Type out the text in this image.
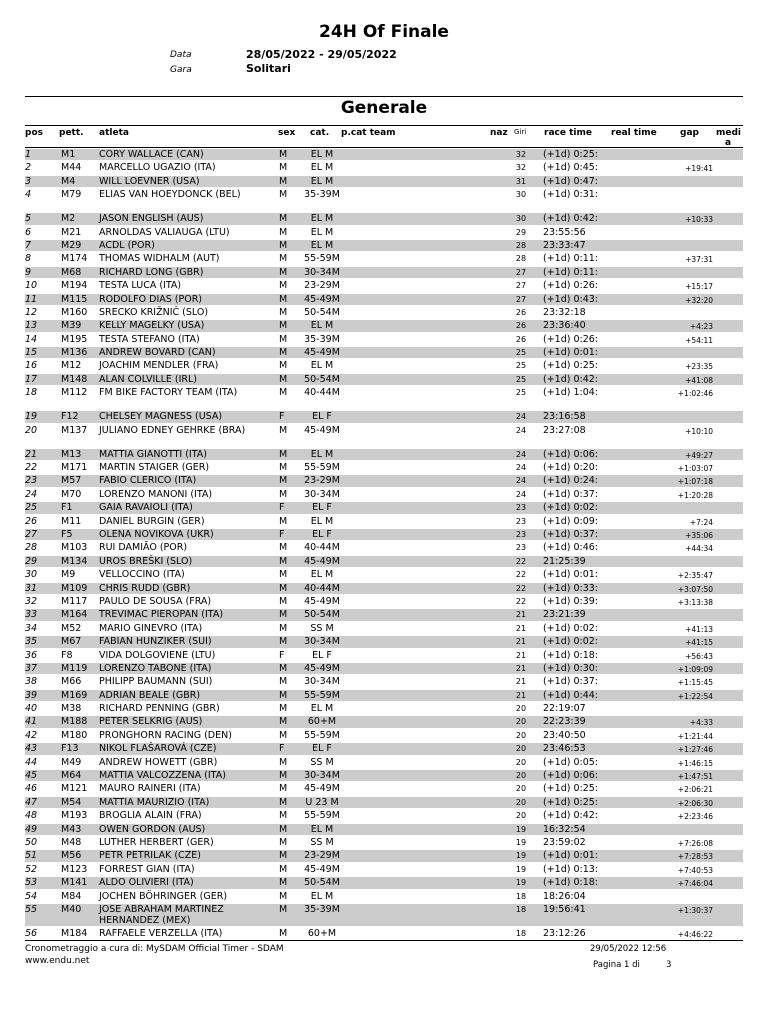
24H Of Finale
Data	28/05/2022 - 29/05/2022
Gara	Solitari
Generale
pos pett. atleta	sex cat. p.cat team	naz Giri race time real time	gap medi
a
1	M1	CORY WALLACE (CAN)	M	EL M	32	(+1d) 0:25:
2	M44 MARCELLO UGAZIO (ITA)	M	EL M	32	(+1d) 0:45:	+19:41
3	M4	WILL LOEVNER (USA)	M	EL M	31	(+1d) 0:47:
4	M79 ELIAS VAN HOEYDONCK (BEL)	M	35-39M	30	(+1d) 0:31:
5	M2	JASON ENGLISH (AUS)	M	EL M	30	(+1d) 0:42:	+10:33
6	M21 ARNOLDAS VALIAUGA (LTU)	M	EL M	29	23:55:56
7	M29 ACDL (POR)	M	EL M	28	23:33:47
8	M174 THOMAS WIDHALM (AUT)	M	55-59M	28	(+1d) 0:11:	+37:31
9	M68 RICHARD LONG (GBR)	M	30-34M	27	(+1d) 0:11:
10	M194 TESTA LUCA (ITA)	M	23-29M	27	(+1d) 0:26:	+15:17
11	M115 RODOLFO DIAS (POR)	M	45-49M	27	(+1d) 0:43:	+32:20
12	M160 SRECKO KRIŽNIČ (SLO)	M	50-54M	26	23:32:18
13	M39 KELLY MAGELKY (USA)	M	EL M	26	23:36:40	+4:23
14	M195 TESTA STEFANO (ITA)	M	35-39M	26	(+1d) 0:26:	+54:11
15	M136 ANDREW BOVARD (CAN)	M	45-49M	25	(+1d) 0:01:
16	M12 JOACHIM MENDLER (FRA)	M	EL M	25	(+1d) 0:25:	+23:35
17	M148 ALAN COLVILLE (IRL)	M	50-54M	25	(+1d) 0:42:	+41:08
18	M112 FM BIKE FACTORY TEAM (ITA)	M	40-44M	25	(+1d) 1:04:	+1:02:46
19	F12 CHELSEY MAGNESS (USA)	F	EL F	24	23:16:58
20	M137 JULIANO EDNEY GEHRKE (BRA)	M	45-49M	24	23:27:08	+10:10
21	M13 MATTIA GIANOTTI (ITA)	M	EL M	24	(+1d) 0:06:	+49:27
22	M171 MARTIN STAIGER (GER)	M	55-59M	24	(+1d) 0:20:	+1:03:07
23	M57 FABIO CLERICO (ITA)	M	23-29M	24	(+1d) 0:24:	+1:07:18
24	M70 LORENZO MANONI (ITA)	M	30-34M	24	(+1d) 0:37:	+1:20:28
25	F1	GAIA RAVAIOLI (ITA)	F	EL F	23	(+1d) 0:02:
26	M11 DANIEL BURGIN (GER)	M	EL M	23	(+1d) 0:09:	+7:24
27	F5	OLENA NOVIKOVA (UKR)	F	EL F	23	(+1d) 0:37:	+35:06
28	M103 RUI DAMIÃO (POR)	M	40-44M	23	(+1d) 0:46:	+44:34
29	M134 UROS BREŠKI (SLO)	M	45-49M	22	21:25:39
30	M9	VELLOCCINO (ITA)	M	EL M	22	(+1d) 0:01:	+2:35:47
31	M109 CHRIS RUDD (GBR)	M	40-44M	22	(+1d) 0:33:	+3:07:50
32	M117 PAULO DE SOUSA (FRA)	M	45-49M	22	(+1d) 0:39:	+3:13:38
33	M164 TREVIMAC PIEROPAN (ITA)	M	50-54M	21	23:21:39
34	M52 MARIO GINEVRO (ITA)	M	SS M	21	(+1d) 0:02:	+41:13
35	M67 FABIAN HUNZIKER (SUI)	M	30-34M	21	(+1d) 0:02:	+41:15
36	F8	VIDA DOLGOVIENE (LTU)	F	EL F	21	(+1d) 0:18:	+56:43
37	M119 LORENZO TABONE (ITA)	M	45-49M	21	(+1d) 0:30:	+1:09:09
38	M66 PHILIPP BAUMANN (SUI)	M	30-34M	21	(+1d) 0:37:	+1:15:45
39	M169 ADRIAN BEALE (GBR)	M	55-59M	21	(+1d) 0:44:	+1:22:54
40	M38 RICHARD PENNING (GBR)	M	EL M	20	22:19:07
41	M188 PETER SELKRIG (AUS)	M	60+M	20	22:23:39	+4:33
42	M180 PRONGHORN RACING (DEN)	M	55-59M	20	23:40:50	+1:21:44
43	F13 NIKOL FLAŠAROVÁ (CZE)	F	EL F	20	23:46:53	+1:27:46
44	M49 ANDREW HOWETT (GBR)	M	SS M	20	(+1d) 0:05:	+1:46:15
45	M64 MATTIA VALCOZZENA (ITA)	M	30-34M	20	(+1d) 0:06:	+1:47:51
46	M121 MAURO RAINERI (ITA)	M	45-49M	20	(+1d) 0:25:	+2:06:21
47	M54 MATTIA MAURIZIO (ITA)	M	U 23 M	20	(+1d) 0:25:	+2:06:30
48	M193 BROGLIA ALAIN (FRA)	M	55-59M	20	(+1d) 0:42:	+2:23:46
49	M43 OWEN GORDON (AUS)	M	EL M	19	16:32:54
50	M48 LUTHER HERBERT (GER)	M	SS M	19	23:59:02	+7:26:08
51	M56 PETR PETRILAK (CZE)	M	23-29M	19	(+1d) 0:01:	+7:28:53
52	M123 FORREST GIAN (ITA)	M	45-49M	19	(+1d) 0:13:	+7:40:53
53	M141 ALDO OLIVIERI (ITA)	M	50-54M	19	(+1d) 0:18:	+7:46:04
54	M84 JOCHEN BÖHRINGER (GER)	M	EL M	18	18:26:04
55	M40 JOSE ABRAHAM MARTINEZ HERNANDEZ (MEX)
M	35-39M	18	19:56:41	+1:30:37
56	M184 RAFFAELE VERZELLA (ITA)	M	60+M	18	23:12:26	+4:46:22
Cronometraggio a cura di: MySDAM Official Timer - SDAM
www.endu.net
29/05/2022 12:56
Pagina 1 di	3
